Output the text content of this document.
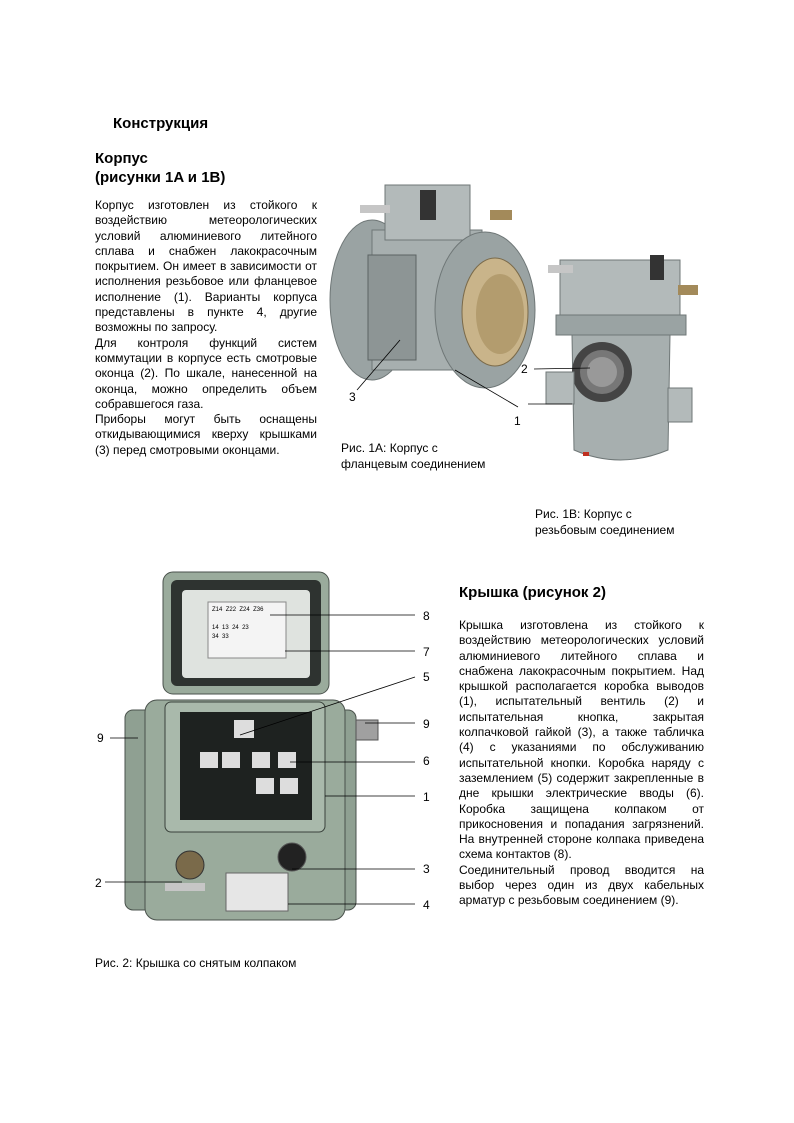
Конструкция
Корпус
(рисунки 1A и 1B)

Корпус изготовлен из стойкого к воздействию метеорологических условий алюминиевого литейного сплава и снабжен лакокрасочным покрытием. Он имеет в зависимости от исполнения резьбовое или фланцевое исполнение (1). Варианты корпуса представлены в пункте 4, другие возможны по запросу.

Для контроля функций систем коммутации в корпусе есть смотровые оконца (2). По шкале, нанесенной на оконца, можно определить объем собравшегося газа.

Приборы могут быть оснащены откидывающимися кверху крышками (3) перед смотровыми оконцами.

3
1
Рис. 1A: Корпус с
фланцевым соединением
2
Рис. 1B: Корпус с
резьбовым соединением
Z14 Z22 Z24 Z36

14 13 24 23
34 33
8
7
5
9
6
1
3
4
9
2
Рис. 2: Крышка со снятым колпаком
Крышка (рисунок 2)

Крышка изготовлена из стойкого к воздействию метеорологических условий алюминиевого литейного сплава и снабжена лакокрасочным покрытием. Над крышкой располагается коробка выводов (1), испытательный вентиль (2) и испытательная кнопка, закрытая колпачковой гайкой (3), а также табличка (4) с указаниями по обслуживанию испытательной кнопки. Коробка наряду с заземлением (5) содержит закрепленные в дне крышки электрические вводы (6). Коробка защищена колпаком от прикосновения и попадания загрязнений. На внутренней стороне колпака приведена схема контактов (8).

Соединительный провод вводится на выбор через один из двух кабельных арматур с резьбовым соединением (9).
